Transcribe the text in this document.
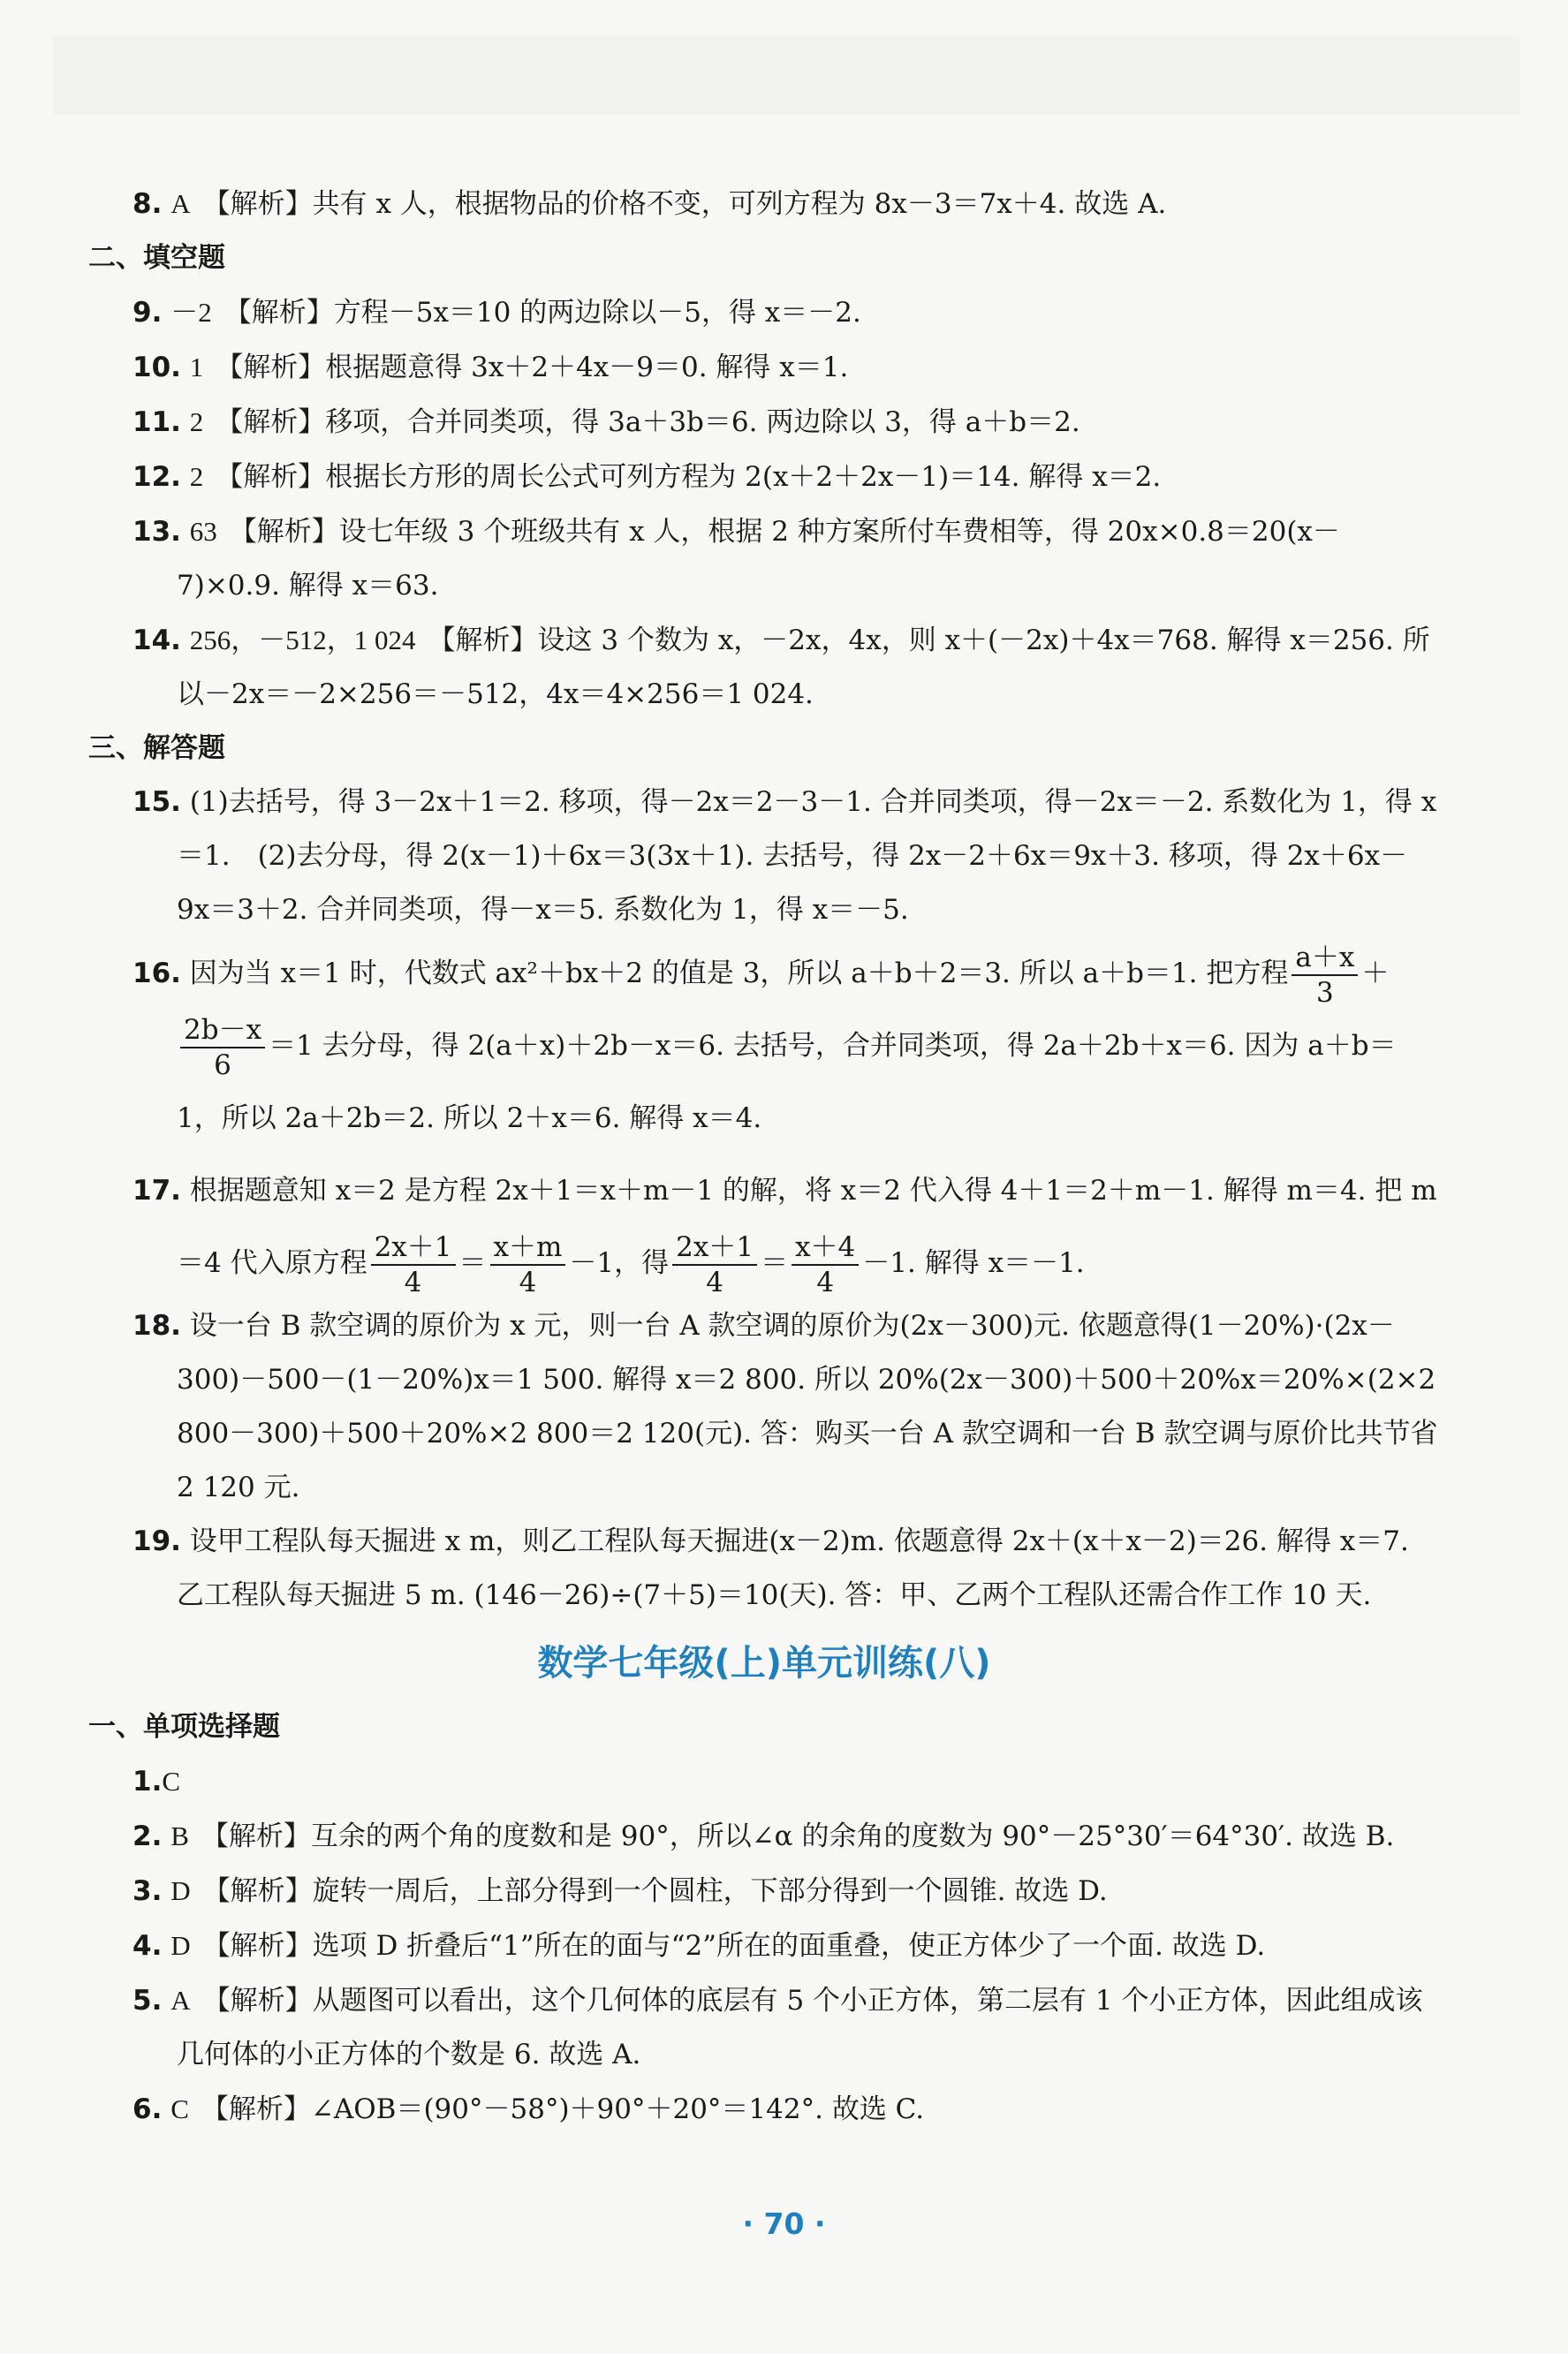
8. A 【解析】共有 x 人，根据物品的价格不变，可列方程为 8x－3＝7x＋4. 故选 A.
二、填空题
9. －2 【解析】方程－5x＝10 的两边除以－5，得 x＝－2.
10. 1 【解析】根据题意得 3x＋2＋4x－9＝0. 解得 x＝1.
11. 2 【解析】移项，合并同类项，得 3a＋3b＝6. 两边除以 3，得 a＋b＝2.
12. 2 【解析】根据长方形的周长公式可列方程为 2(x＋2＋2x－1)＝14. 解得 x＝2.
13. 63 【解析】设七年级 3 个班级共有 x 人，根据 2 种方案所付车费相等，得 20x×0.8＝20(x－7)×0.9. 解得 x＝63.
14. 256，－512，1 024 【解析】设这 3 个数为 x，－2x，4x，则 x＋(－2x)＋4x＝768. 解得 x＝256. 所以－2x＝－2×256＝－512，4x＝4×256＝1 024.
三、解答题
15. (1)去括号，得 3－2x＋1＝2. 移项，得－2x＝2－3－1. 合并同类项，得－2x＝－2. 系数化为 1，得 x＝1.　(2)去分母，得 2(x－1)＋6x＝3(3x＋1). 去括号，得 2x－2＋6x＝9x＋3. 移项，得 2x＋6x－9x＝3＋2. 合并同类项，得－x＝5. 系数化为 1，得 x＝－5.
16. 因为当 x＝1 时，代数式 ax²＋bx＋2 的值是 3，所以 a＋b＋2＝3. 所以 a＋b＝1. 把方程 $\frac{a+x}{3}$ ＋
$\frac{2b-x}{6} =1$ 去分母，得 2(a＋x)＋2b－x＝6. 去括号，合并同类项，得 2a＋2b＋x＝6. 因为 a＋b＝1，所以 2a＋2b＝2. 所以 2＋x＝6. 解得 x＝4.
17. 根据题意知 x＝2 是方程 2x＋1＝x＋m－1 的解，将 x＝2 代入得 4＋1＝2＋m－1. 解得 m＝4. 把 m＝4 代入原方程 $\frac{2x+1}{4} = \frac{x+m}{4} -1$，得 $\frac{2x+1}{4} = \frac{x+4}{4} -1$. 解得 x＝－1.
18. 设一台 B 款空调的原价为 x 元，则一台 A 款空调的原价为(2x－300)元. 依题意得(1－20%)·(2x－300)－500－(1－20%)x＝1 500. 解得 x＝2 800. 所以 20%(2x－300)＋500＋20%x＝20%×(2×2 800－300)＋500＋20%×2 800＝2 120(元). 答：购买一台 A 款空调和一台 B 款空调与原价比共节省 2 120 元.
19. 设甲工程队每天掘进 x m，则乙工程队每天掘进(x－2)m. 依题意得 2x＋(x＋x－2)＝26. 解得 x＝7. 乙工程队每天掘进 5 m. (146－26)÷(7＋5)＝10(天). 答：甲、乙两个工程队还需合作工作 10 天.
数学七年级(上)单元训练(八)
一、单项选择题
1.C
2. B 【解析】互余的两个角的度数和是 90°，所以∠α 的余角的度数为 90°－25°30′＝64°30′. 故选 B.
3. D 【解析】旋转一周后，上部分得到一个圆柱，下部分得到一个圆锥. 故选 D.
4. D 【解析】选项 D 折叠后“1”所在的面与“2”所在的面重叠，使正方体少了一个面. 故选 D.
5. A 【解析】从题图可以看出，这个几何体的底层有 5 个小正方体，第二层有 1 个小正方体，因此组成该几何体的小正方体的个数是 6. 故选 A.
6. C 【解析】∠AOB＝(90°－58°)＋90°＋20°＝142°. 故选 C.
· 70 ·
